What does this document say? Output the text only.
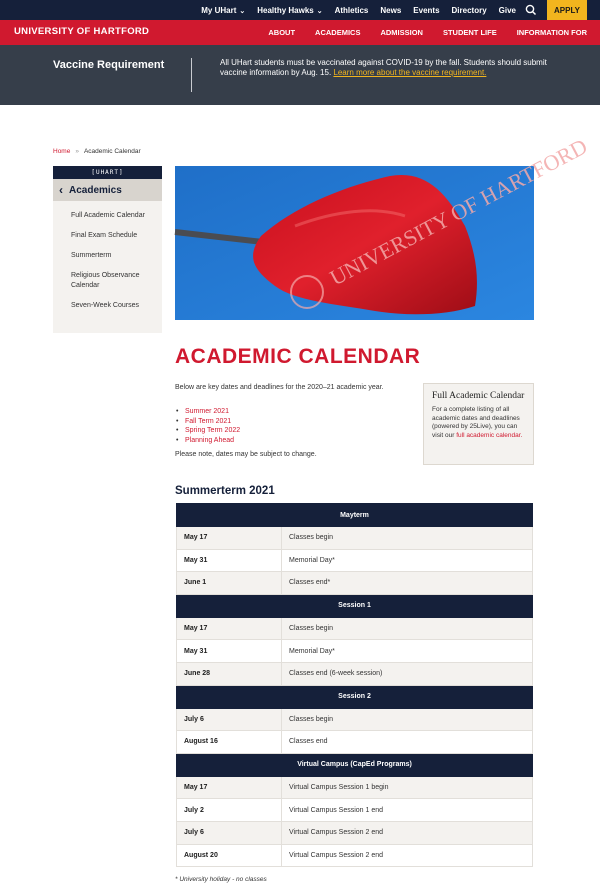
My UHart ⌄ Healthy Hawks ⌄ Athletics News Events Directory Give	APPLY
UNIVERSITY OF HARTFORD	ABOUT	ACADEMICS	ADMISSION	STUDENT LIFE	INFORMATION FOR
Vaccine Requirement	All UHart students must be vaccinated against COVID-19 by the fall. Students should submit vaccine information by Aug. 15. Learn more about the vaccine requirement.
Home » Academic Calendar
[UHART]
‹ Academics
Full Academic Calendar
Final Exam Schedule
Summerterm
Religious Observance Calendar
Seven-Week Courses
UNIVERSITY OF HARTFORD
ACADEMIC CALENDAR
Below are key dates and deadlines for the 2020–21 academic year.
• Summer 2021
• Fall Term 2021
• Spring Term 2022
• Planning Ahead
Please note, dates may be subject to change.
Full Academic Calendar
For a complete listing of all academic dates and deadlines (powered by 25Live), you can visit our full academic calendar.
Summerterm 2021
Mayterm	
May 17	Classes begin
May 31	Memorial Day*
June 1	Classes end*
Session 1	
May 17	Classes begin
May 31	Memorial Day*
June 28	Classes end (6-week session)
Session 2	
July 6	Classes begin
August 16	Classes end
Virtual Campus (CapEd Programs)	
May 17	Virtual Campus Session 1 begin
July 2	Virtual Campus Session 1 end
July 6	Virtual Campus Session 2 end
August 20	Virtual Campus Session 2 end
* University holiday - no classes
